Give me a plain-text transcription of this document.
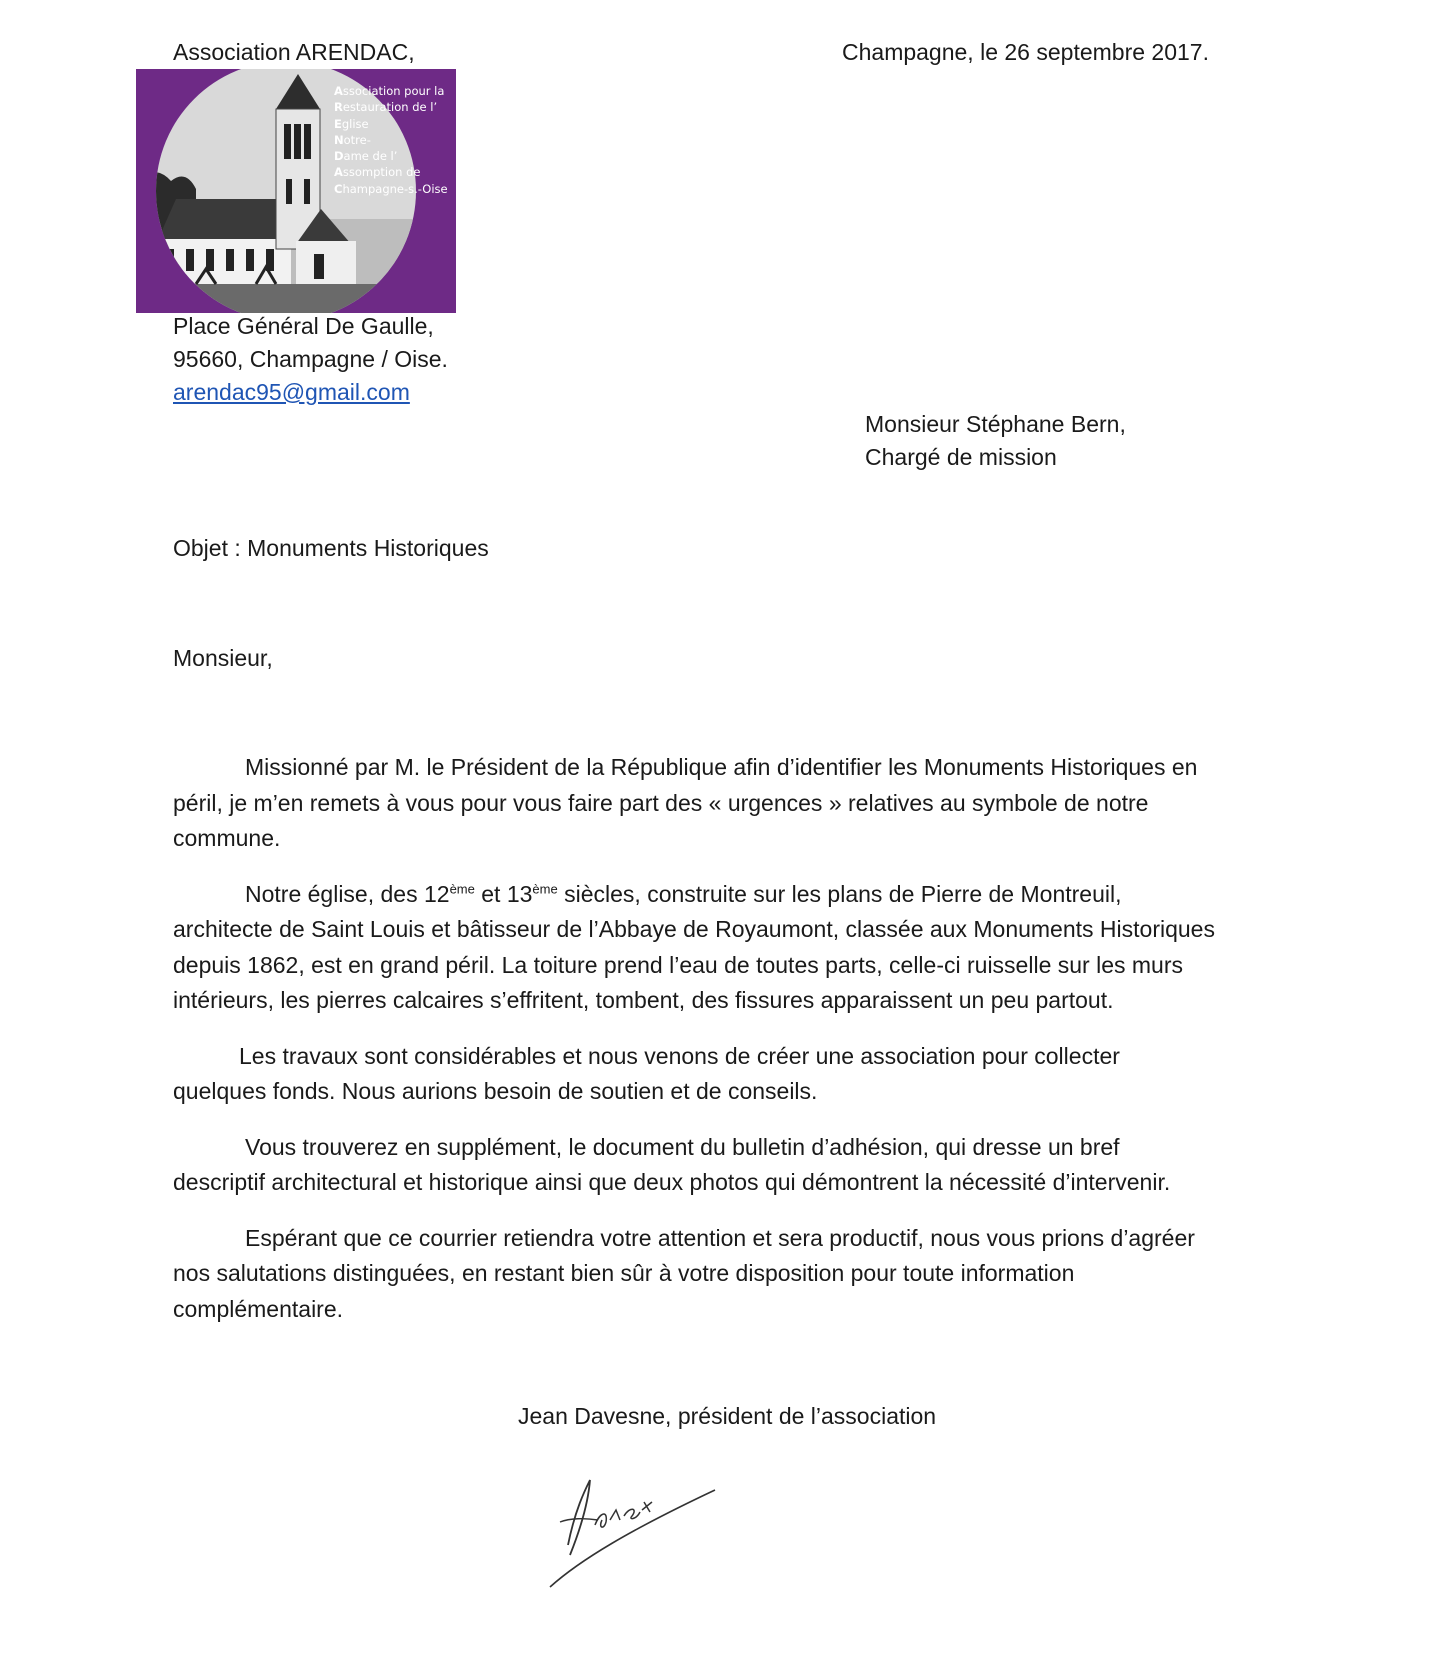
Association ARENDAC,	Champagne, le 26 septembre 2017.
Association pour la
Restauration de l’
Eglise
Notre-
Dame de l’
Assomption de
Champagne-s.-Oise
Place Général De Gaulle,
95660, Champagne / Oise.
arendac95@gmail.com
Monsieur Stéphane Bern,
Chargé de mission
Objet : Monuments Historiques
Monsieur,

Missionné par M. le Président de la République afin d’identifier les Monuments Historiques en
péril, je m’en remets à vous pour vous faire part des « urgences » relatives au symbole de notre
commune.

Notre église, des 12ème et 13ème siècles, construite sur les plans de Pierre de Montreuil,
architecte de Saint Louis et bâtisseur de l’Abbaye de Royaumont, classée aux Monuments Historiques
depuis 1862, est en grand péril. La toiture prend l’eau de toutes parts, celle-ci ruisselle sur les murs
intérieurs, les pierres calcaires s’effritent, tombent, des fissures apparaissent un peu partout.

Les travaux sont considérables et nous venons de créer une association pour collecter
quelques fonds. Nous aurions besoin de soutien et de conseils.

Vous trouverez en supplément, le document du bulletin d’adhésion, qui dresse un bref
descriptif architectural et historique ainsi que deux photos qui démontrent la nécessité d’intervenir.

Espérant que ce courrier retiendra votre attention et sera productif, nous vous prions d’agréer
nos salutations distinguées, en restant bien sûr à votre disposition pour toute information
complémentaire.

Jean Davesne, président de l’association
